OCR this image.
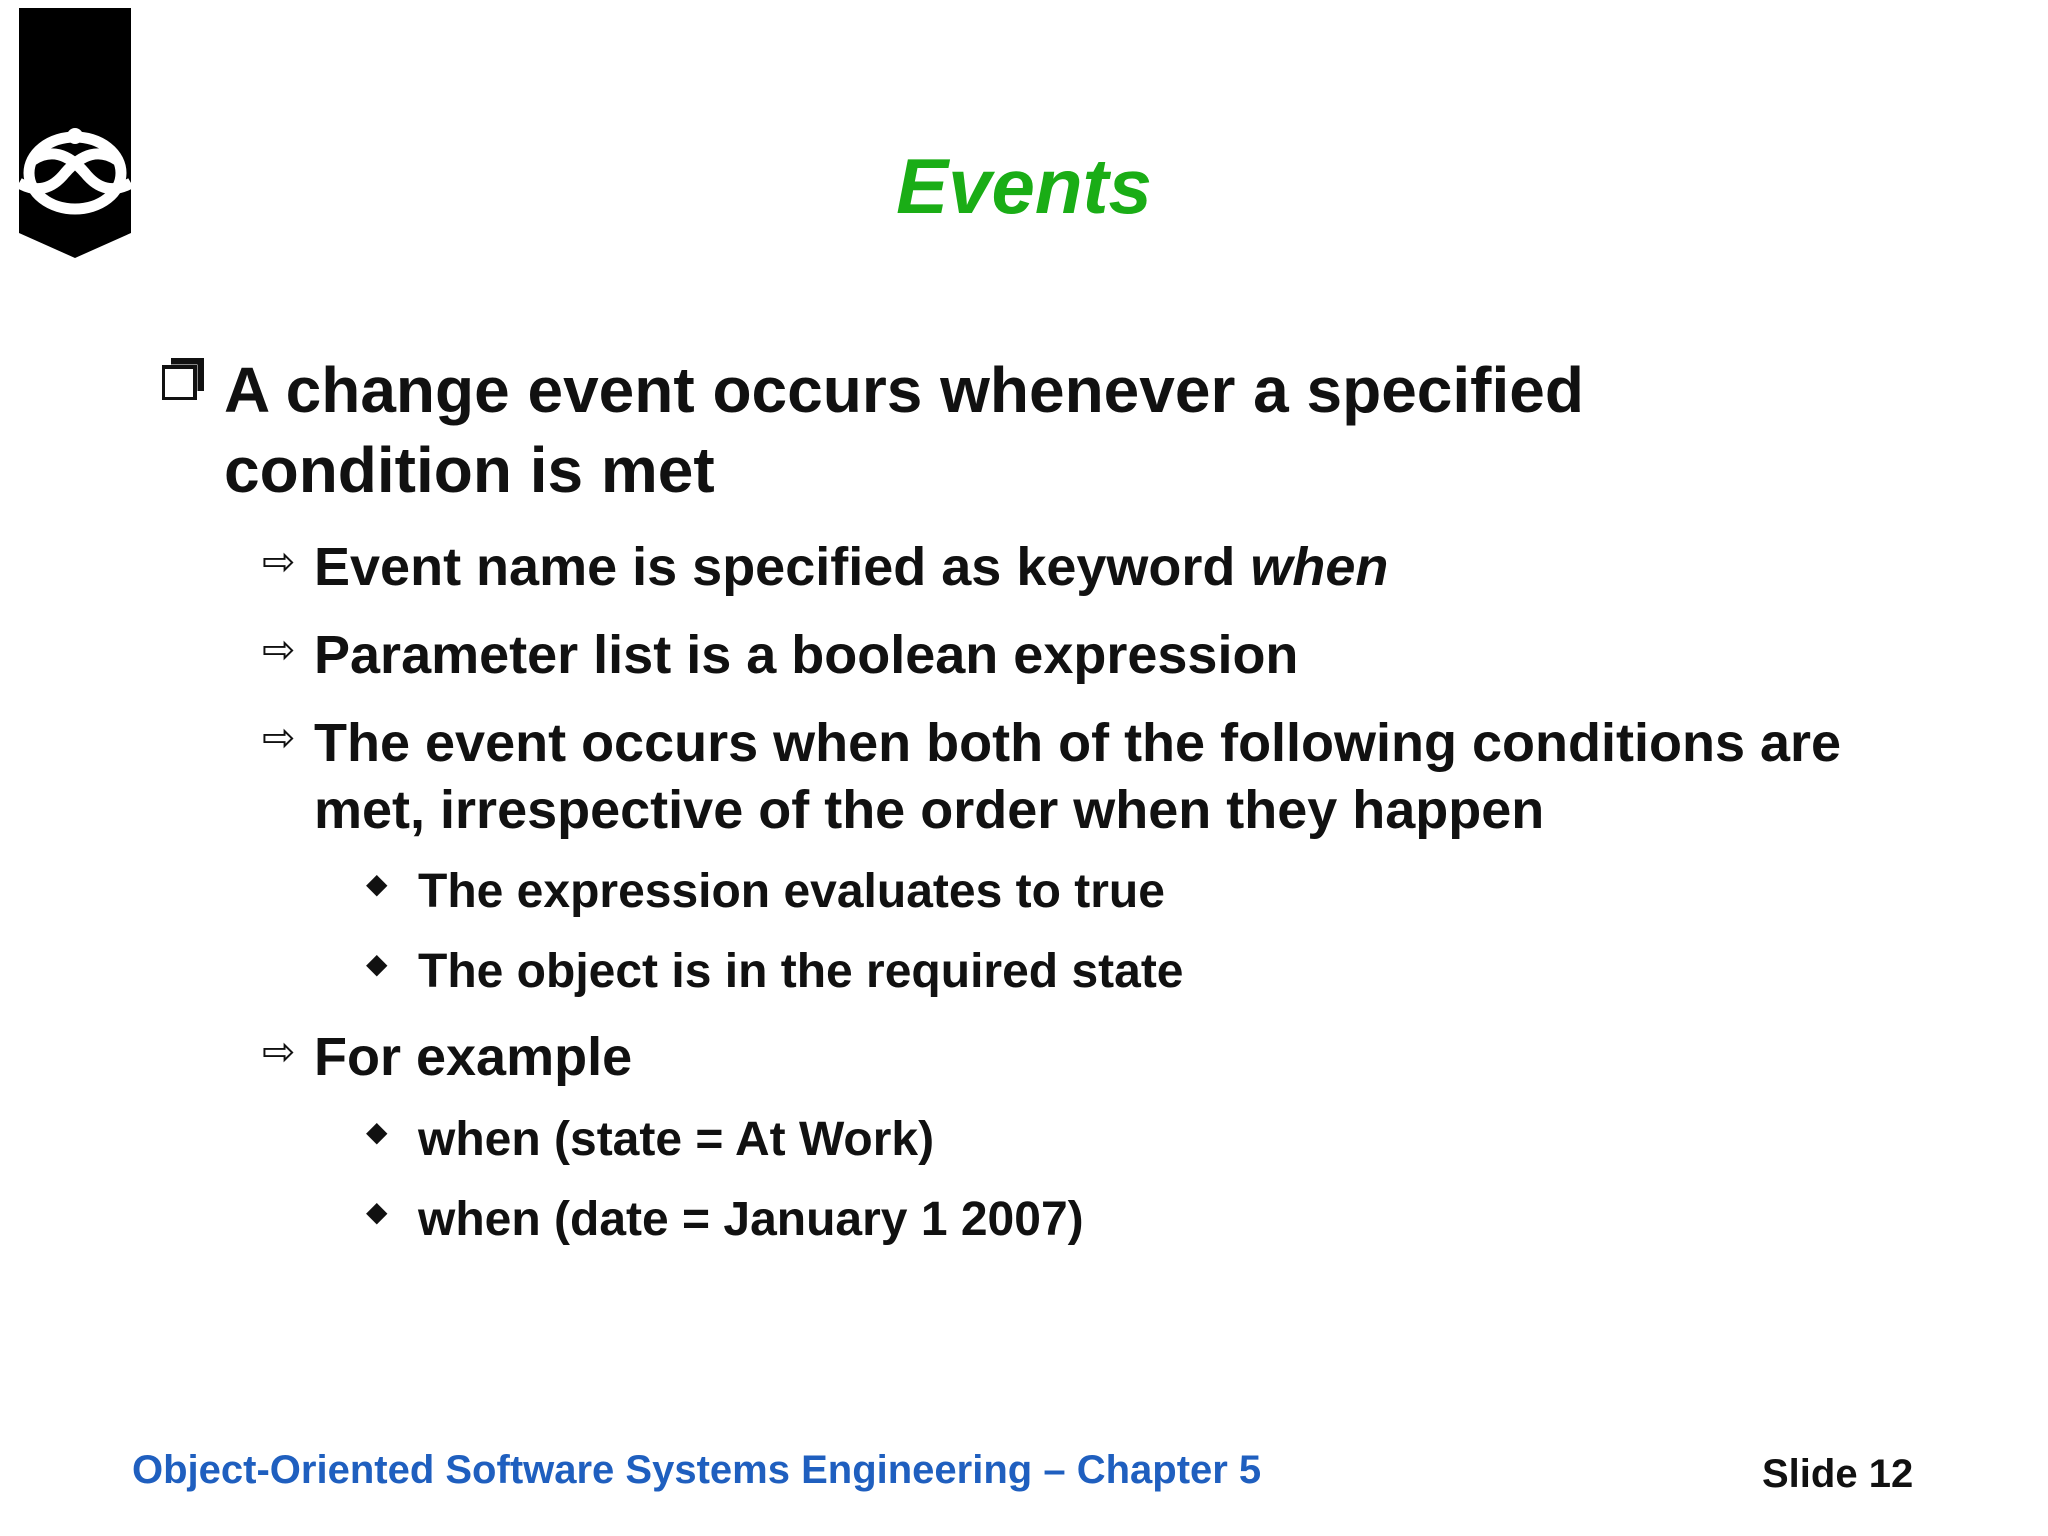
Events
A change event occurs whenever a specified condition is met
⇨ Event name is specified as keyword when
⇨ Parameter list is a boolean expression
⇨ The event occurs when both of the following conditions are met, irrespective of the order when they happen
◆ The expression evaluates to true
◆ The object is in the required state
⇨ For example
◆ when (state = At Work)
◆ when (date = January 1 2007)
Object-Oriented Software Systems Engineering – Chapter 5	Slide 12
